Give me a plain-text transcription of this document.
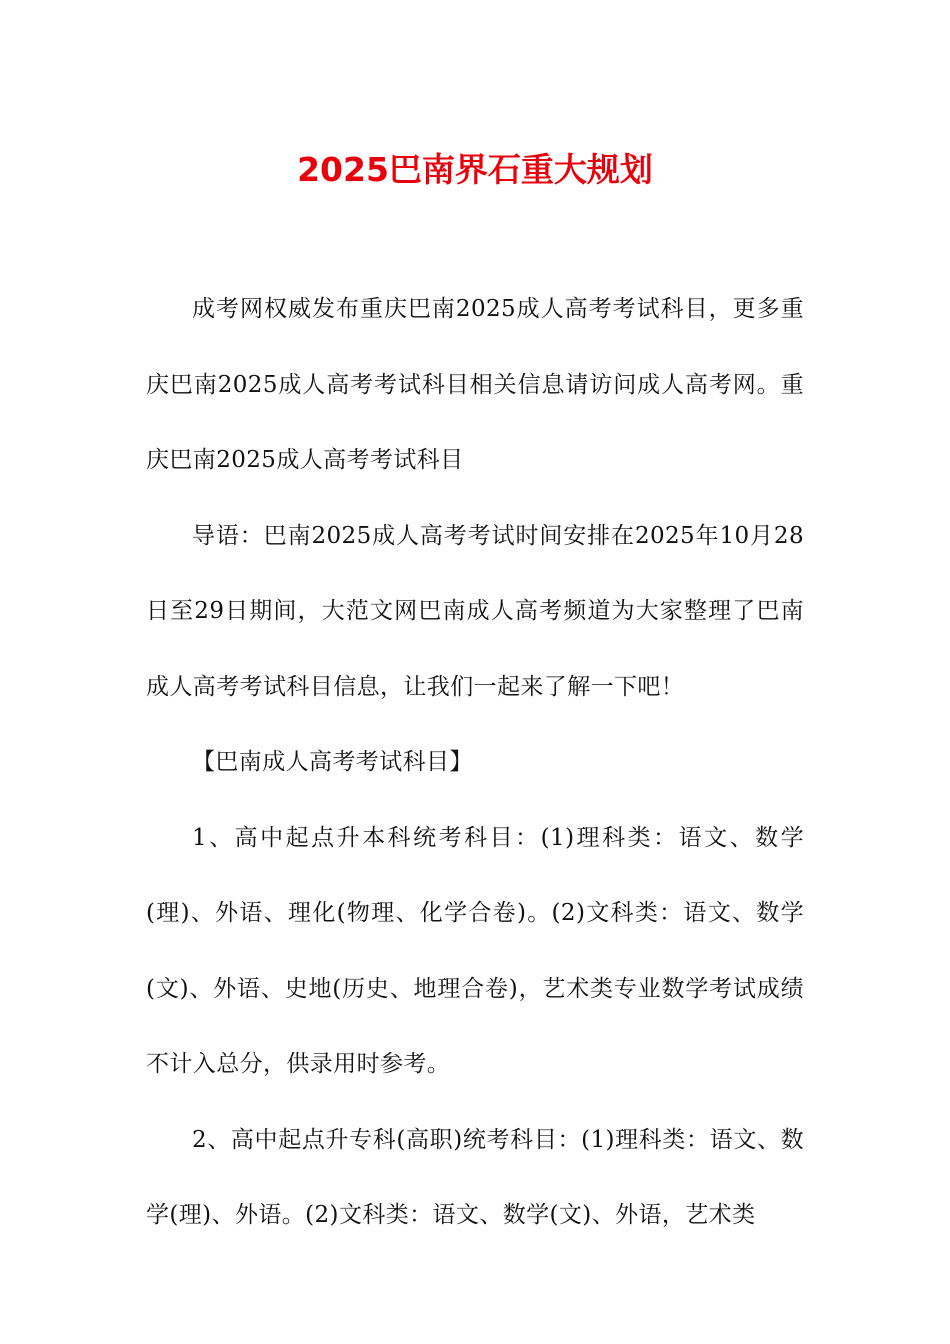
2025巴南界石重大规划

成考网权威发布重庆巴南2025成人高考考试科目，更多重庆巴南2025成人高考考试科目相关信息请访问成人高考网。重庆巴南2025成人高考考试科目

导语：巴南2025成人高考考试时间安排在2025年10月28日至29日期间，大范文网巴南成人高考频道为大家整理了巴南成人高考考试科目信息，让我们一起来了解一下吧！

【巴南成人高考考试科目】

1、高中起点升本科统考科目：(1)理科类：语文、数学(理)、外语、理化(物理、化学合卷)。(2)文科类：语文、数学(文)、外语、史地(历史、地理合卷)，艺术类专业数学考试成绩不计入总分，供录用时参考。

2、高中起点升专科(高职)统考科目：(1)理科类：语文、数学(理)、外语。(2)文科类：语文、数学(文)、外语，艺术类
